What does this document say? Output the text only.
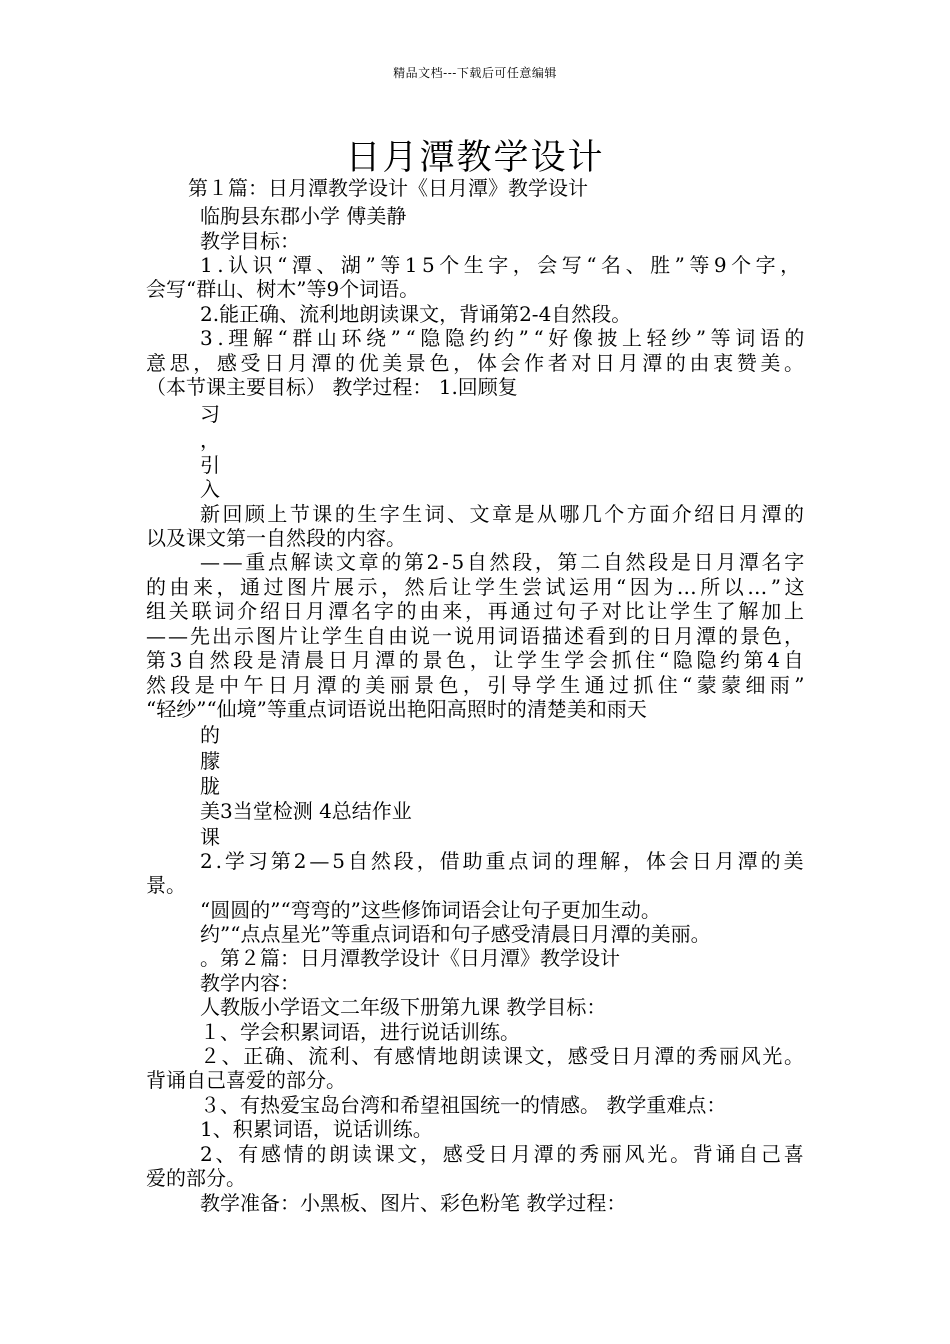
精品文档---下载后可任意编辑
日月潭教学设计
第１篇：日月潭教学设计《日月潭》教学设计
临朐县东郡小学 傅美静
教学目标：
1.认识“潭、湖”等15个生字，会写“名、胜”等9个字，
会写“群山、树木”等9个词语。
2.能正确、流利地朗读课文，背诵第2-4自然段。
3.理解“群山环绕”“隐隐约约”“好像披上轻纱”等词语的
意思，感受日月潭的优美景色，体会作者对日月潭的由衷赞美。
（本节课主要目标） 教学过程： 1.回顾复
习
，
引
入
新回顾上节课的生字生词、文章是从哪几个方面介绍日月潭的
以及课文第一自然段的内容。
——重点解读文章的第2-5自然段，第二自然段是日月潭名字
的由来，通过图片展示，然后让学生尝试运用“因为…所以…”这
组关联词介绍日月潭名字的由来，再通过句子对比让学生了解加上
——先出示图片让学生自由说一说用词语描述看到的日月潭的景色，
第3自然段是清晨日月潭的景色，让学生学会抓住“隐隐约第4自
然段是中午日月潭的美丽景色，引导学生通过抓住“蒙蒙细雨”
“轻纱”“仙境”等重点词语说出艳阳高照时的清楚美和雨天
的
朦
胧
美3当堂检测 4总结作业
课
2.学习第2—5自然段，借助重点词的理解，体会日月潭的美
景。
“圆圆的”“弯弯的”这些修饰词语会让句子更加生动。
约”“点点星光”等重点词语和句子感受清晨日月潭的美丽。
。第２篇：日月潭教学设计《日月潭》教学设计
教学内容：
人教版小学语文二年级下册第九课 教学目标：
１、学会积累词语，进行说话训练。
２、正确、流利、有感情地朗读课文，感受日月潭的秀丽风光。
背诵自己喜爱的部分。
３、有热爱宝岛台湾和希望祖国统一的情感。 教学重难点：
1、积累词语，说话训练。
2、有感情的朗读课文，感受日月潭的秀丽风光。背诵自己喜
爱的部分。
教学准备：小黑板、图片、彩色粉笔 教学过程：
